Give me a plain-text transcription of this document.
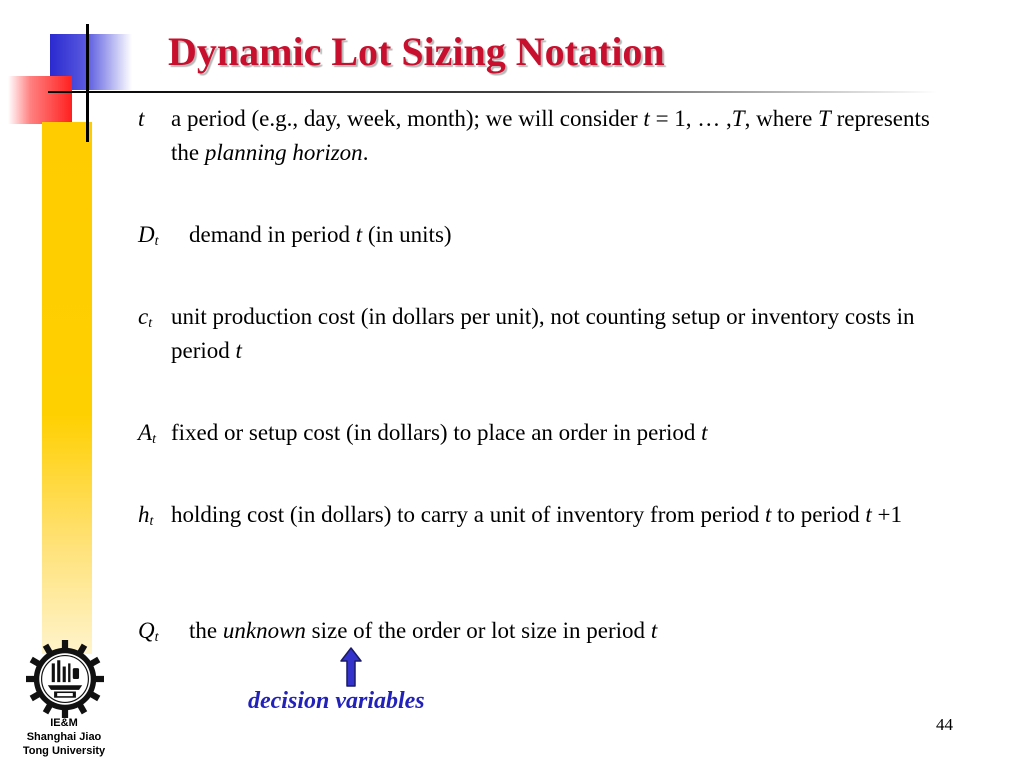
Dynamic Lot Sizing Notation
t a period (e.g., day, week, month); we will consider t = 1, … ,T, where T represents the planning horizon.
$D_t$ demand in period t (in units)
$c_t$ unit production cost (in dollars per unit), not counting setup or inventory costs in period t
$A_t$ fixed or setup cost (in dollars) to place an order in period t
$h_t$ holding cost (in dollars) to carry a unit of inventory from period t to period t +1
$Q_t$ the unknown size of the order or lot size in period t
decision variables
44
IE&M
Shanghai Jiao
Tong University
